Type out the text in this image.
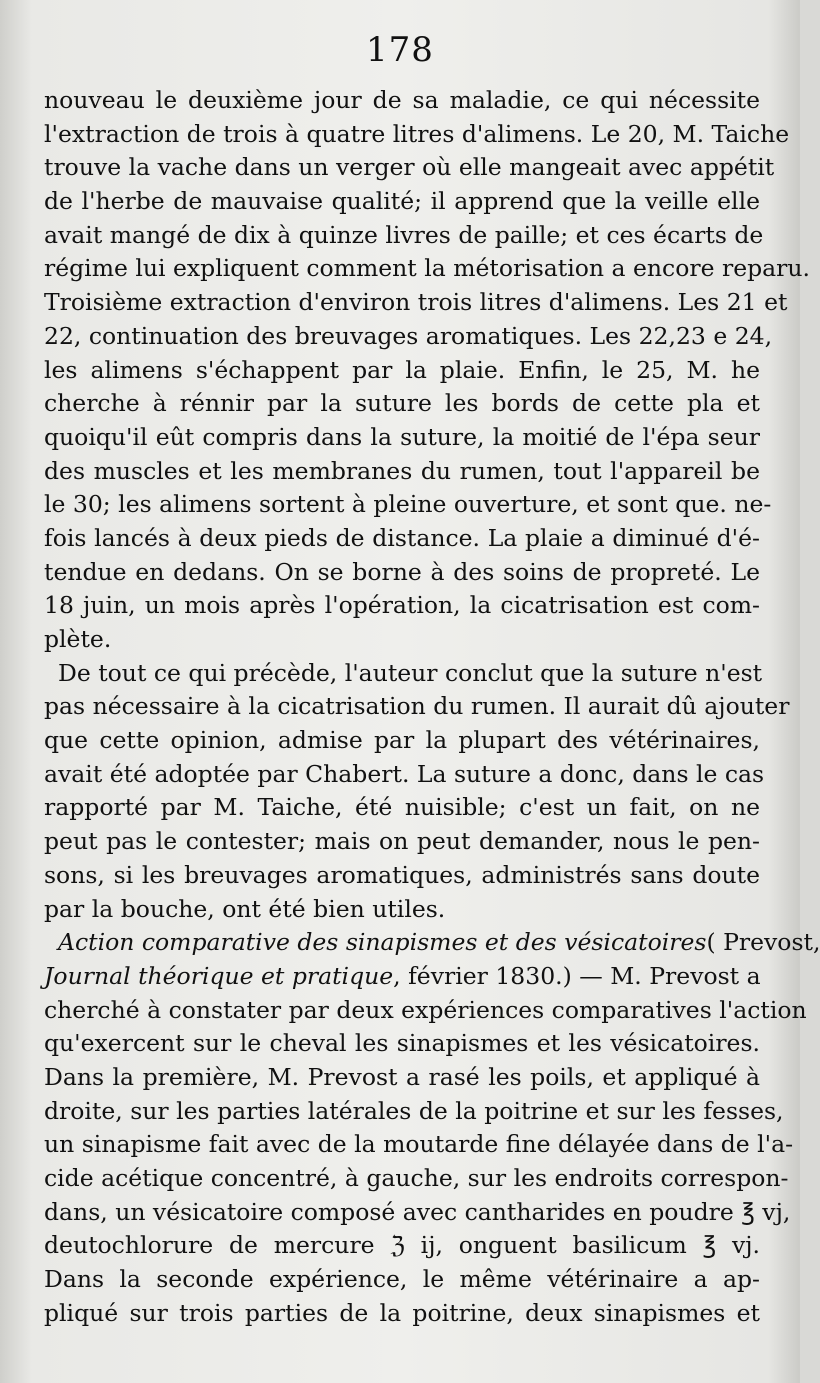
178
nouveau le deuxième jour de sa maladie, ce qui nécessite
l'extraction de trois à quatre litres d'alimens. Le 20, M. Taiche
trouve la vache dans un verger où elle mangeait avec appétit
de l'herbe de mauvaise qualité; il apprend que la veille elle
avait mangé de dix à quinze livres de paille; et ces écarts de
régime lui expliquent comment la métorisation a encore reparu.
Troisième extraction d'environ trois litres d'alimens. Les 21 et
22, continuation des breuvages aromatiques. Les 22,23 e 24,
les alimens s'échappent par la plaie. Enfin, le 25, M. he
cherche à rénnir par la suture les bords de cette pla et
quoiqu'il eût compris dans la suture, la moitié de l'épa seur
des muscles et les membranes du rumen, tout l'appareil be
le 30; les alimens sortent à pleine ouverture, et sont que. ne-
fois lancés à deux pieds de distance. La plaie a diminué d'é-
tendue en dedans. On se borne à des soins de propreté. Le
18 juin, un mois après l'opération, la cicatrisation est com-
plète.
De tout ce qui précède, l'auteur conclut que la suture n'est
pas nécessaire à la cicatrisation du rumen. Il aurait dû ajouter
que cette opinion, admise par la plupart des vétérinaires,
avait été adoptée par Chabert. La suture a donc, dans le cas
rapporté par M. Taiche, été nuisible; c'est un fait, on ne
peut pas le contester; mais on peut demander, nous le pen-
sons, si les breuvages aromatiques, administrés sans doute
par la bouche, ont été bien utiles.
Action comparative des sinapismes et des vésicatoires( Prevost,
Journal théorique et pratique, février 1830.) — M. Prevost a
cherché à constater par deux expériences comparatives l'action
qu'exercent sur le cheval les sinapismes et les vésicatoires.
Dans la première, M. Prevost a rasé les poils, et appliqué à
droite, sur les parties latérales de la poitrine et sur les fesses,
un sinapisme fait avec de la moutarde fine délayée dans de l'a-
cide acétique concentré, à gauche, sur les endroits correspon-
dans, un vésicatoire composé avec cantharides en poudre ℥ vj,
deutochlorure de mercure ℨ ij, onguent basilicum ℥ vj.
Dans la seconde expérience, le même vétérinaire a ap-
pliqué sur trois parties de la poitrine, deux sinapismes et
